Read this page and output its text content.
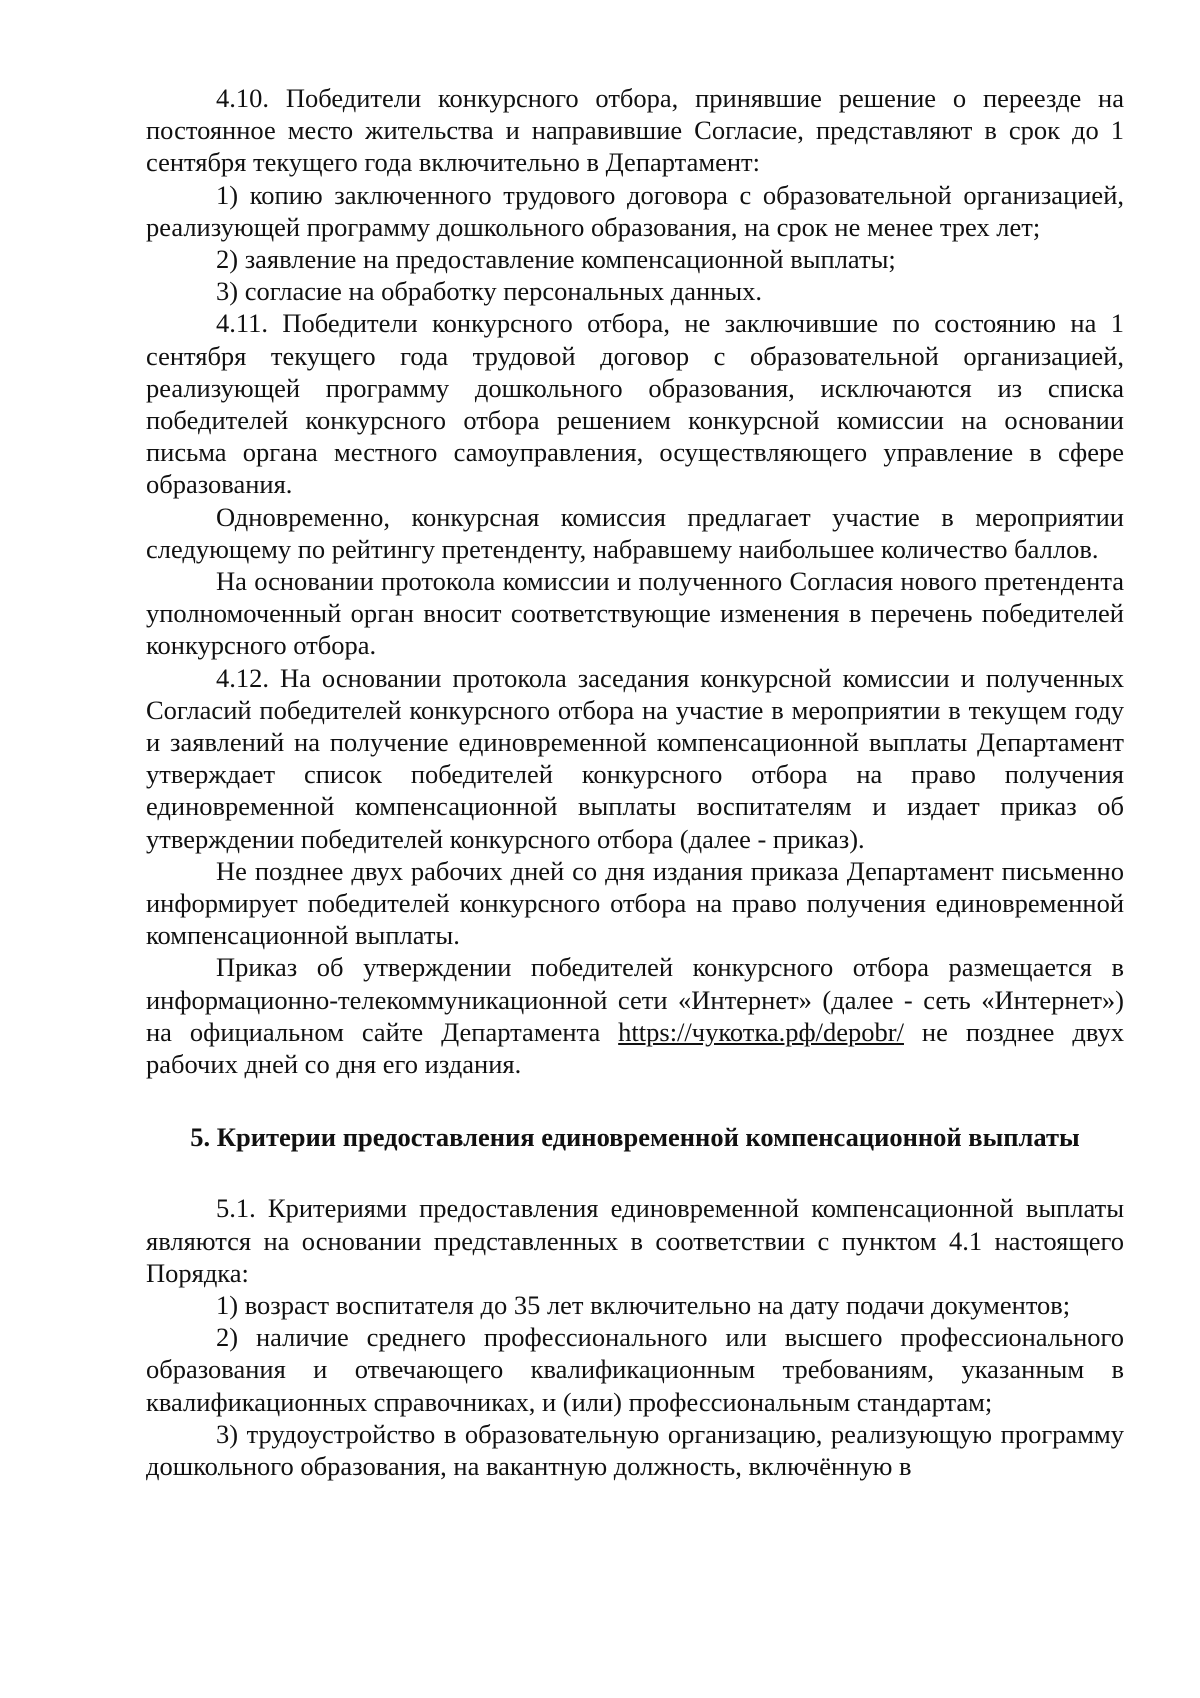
4.10. Победители конкурсного отбора, принявшие решение о переезде на постоянное место жительства и направившие Согласие, представляют в срок до 1 сентября текущего года включительно в Департамент:

1) копию заключенного трудового договора с образовательной организацией, реализующей программу дошкольного образования, на срок не менее трех лет;

2) заявление на предоставление компенсационной выплаты;

3) согласие на обработку персональных данных.

4.11. Победители конкурсного отбора, не заключившие по состоянию на 1 сентября текущего года трудовой договор с образовательной организацией, реализующей программу дошкольного образования, исключаются из списка победителей конкурсного отбора решением конкурсной комиссии на основании письма органа местного самоуправления, осуществляющего управление в сфере образования.

Одновременно, конкурсная комиссия предлагает участие в мероприятии следующему по рейтингу претенденту, набравшему наибольшее количество баллов.

На основании протокола комиссии и полученного Согласия нового претендента уполномоченный орган вносит соответствующие изменения в перечень победителей конкурсного отбора.

4.12. На основании протокола заседания конкурсной комиссии и полученных Согласий победителей конкурсного отбора на участие в мероприятии в текущем году и заявлений на получение единовременной компенсационной выплаты Департамент утверждает список победителей конкурсного отбора на право получения единовременной компенсационной выплаты воспитателям и издает приказ об утверждении победителей конкурсного отбора (далее - приказ).

Не позднее двух рабочих дней со дня издания приказа Департамент письменно информирует победителей конкурсного отбора на право получения единовременной компенсационной выплаты.

Приказ об утверждении победителей конкурсного отбора размещается в информационно-телекоммуникационной сети «Интернет» (далее - сеть «Интернет») на официальном сайте Департамента https://чукотка.рф/depobr/ не позднее двух рабочих дней со дня его издания.

5. Критерии предоставления единовременной компенсационной выплаты

5.1. Критериями предоставления единовременной компенсационной выплаты являются на основании представленных в соответствии с пунктом 4.1 настоящего Порядка:

1) возраст воспитателя до 35 лет включительно на дату подачи документов;

2) наличие среднего профессионального или высшего профессионального образования и отвечающего квалификационным требованиям, указанным в квалификационных справочниках, и (или) профессиональным стандартам;

3) трудоустройство в образовательную организацию, реализующую программу дошкольного образования, на вакантную должность, включённую в
